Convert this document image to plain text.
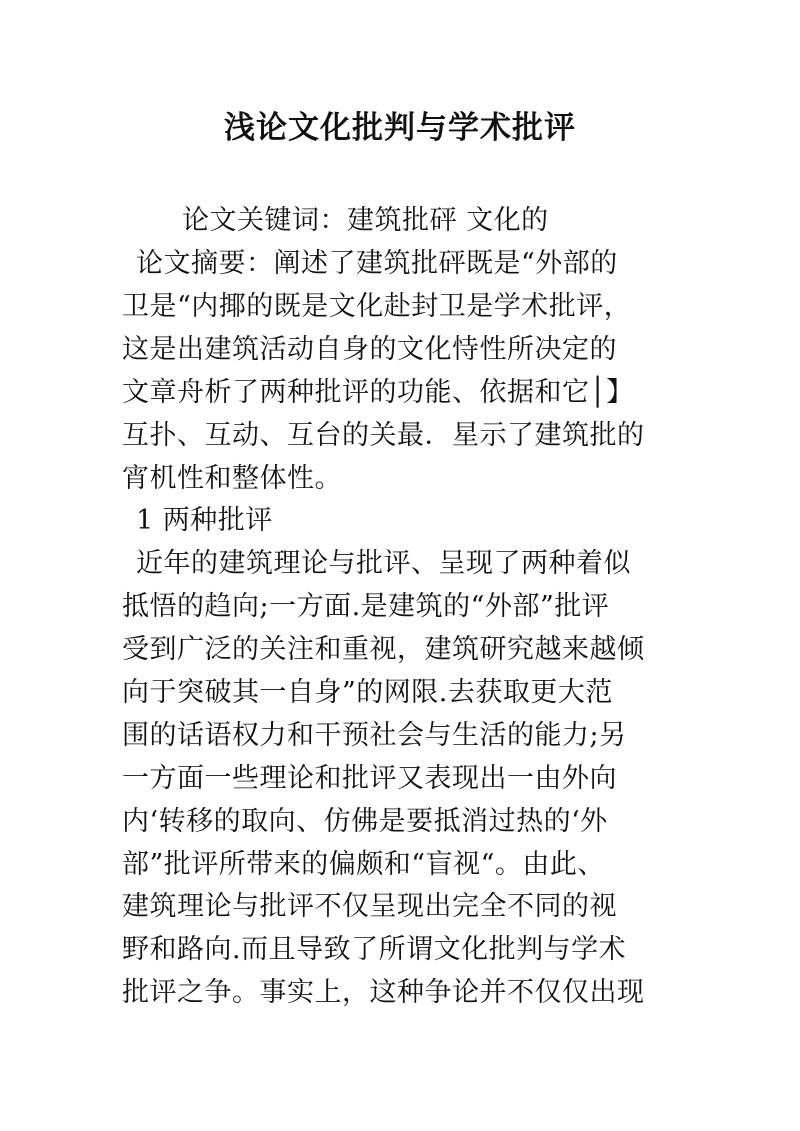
浅论文化批判与学术批评
论文关键词：建筑批砰 文化的
论文摘要：阐述了建筑批砰既是“外部的
卫是“内揶的既是文化赴封卫是学术批评，
这是出建筑活动自身的文化恃性所决定的
文章舟析了两种批评的功能、依据和它│】
互扑、互动、互台的关最．星示了建筑批的
宵机性和整体性。
1 两种批评
近年的建筑理论与批评、呈现了两种着似
抵悟的趋向;一方面.是建筑的“外部”批评
受到广泛的关注和重视，建筑研究越来越倾
向于突破其一自身”的网限.去获取更大范
围的话语权力和干预社会与生活的能力;另
一方面一些理论和批评又表现出一由外向
内‘转移的取向、仿佛是要抵消过热的‘外
部”批评所带来的偏颇和“盲视“。由此、
建筑理论与批评不仅呈现出完全不同的视
野和路向.而且导致了所谓文化批判与学术
批评之争。事实上，这种争论并不仅仅出现
